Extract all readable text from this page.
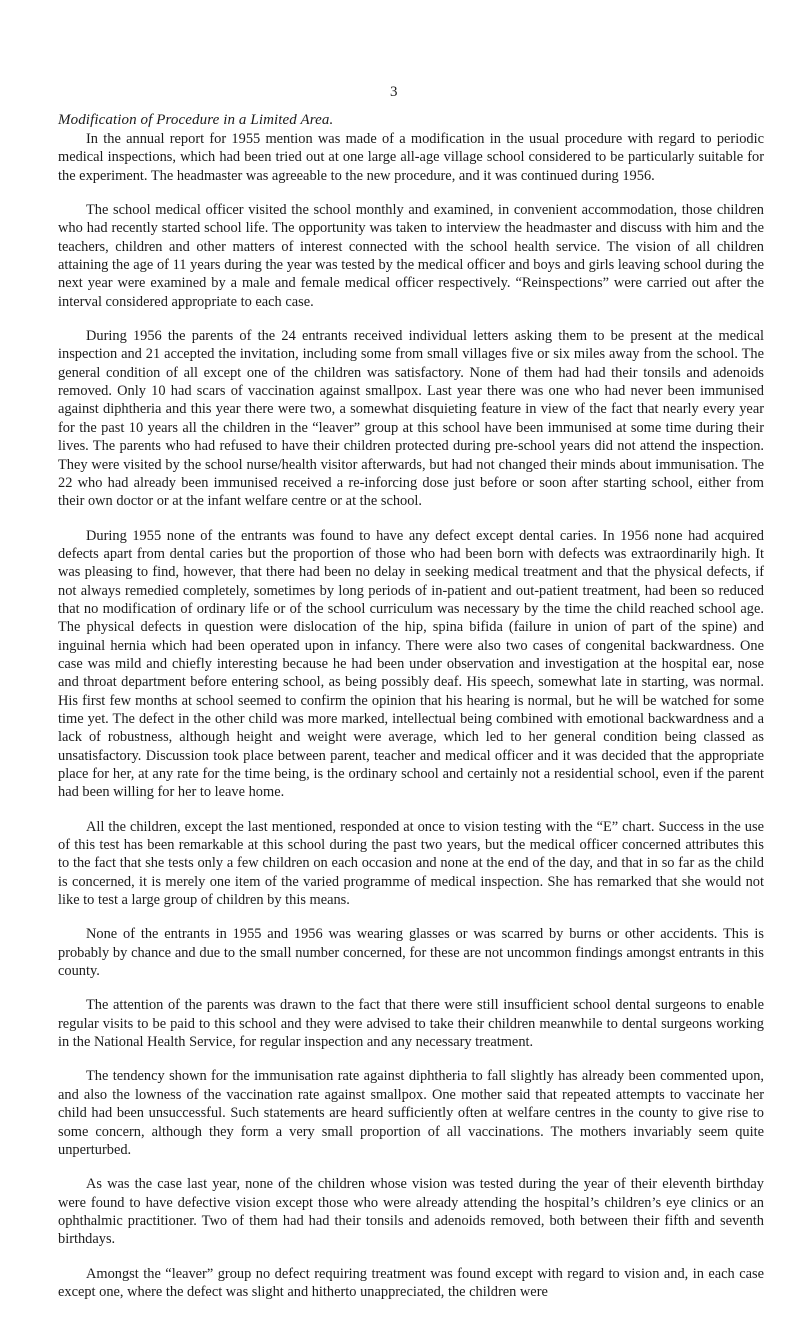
3

Modification of Procedure in a Limited Area.

In the annual report for 1955 mention was made of a modification in the usual procedure with regard to periodic medical inspections, which had been tried out at one large all-age village school considered to be particularly suitable for the experiment. The headmaster was agreeable to the new procedure, and it was continued during 1956.

The school medical officer visited the school monthly and examined, in convenient accommodation, those children who had recently started school life. The opportunity was taken to interview the headmaster and discuss with him and the teachers, children and other matters of interest connected with the school health service. The vision of all children attaining the age of 11 years during the year was tested by the medical officer and boys and girls leaving school during the next year were examined by a male and female medical officer respectively. “Reinspections” were carried out after the interval considered appropriate to each case.

During 1956 the parents of the 24 entrants received individual letters asking them to be present at the medical inspection and 21 accepted the invitation, including some from small villages five or six miles away from the school. The general condition of all except one of the children was satisfactory. None of them had had their tonsils and adenoids removed. Only 10 had scars of vaccination against smallpox. Last year there was one who had never been immunised against diphtheria and this year there were two, a somewhat disquieting feature in view of the fact that nearly every year for the past 10 years all the children in the “leaver” group at this school have been immunised at some time during their lives. The parents who had refused to have their children protected during pre-school years did not attend the inspection. They were visited by the school nurse/health visitor afterwards, but had not changed their minds about immunisation. The 22 who had already been immunised received a re-inforcing dose just before or soon after starting school, either from their own doctor or at the infant welfare centre or at the school.

During 1955 none of the entrants was found to have any defect except dental caries. In 1956 none had acquired defects apart from dental caries but the proportion of those who had been born with defects was extraordinarily high. It was pleasing to find, however, that there had been no delay in seeking medical treatment and that the physical defects, if not always remedied completely, sometimes by long periods of in-patient and out-patient treatment, had been so reduced that no modification of ordinary life or of the school curriculum was necessary by the time the child reached school age. The physical defects in question were dislocation of the hip, spina bifida (failure in union of part of the spine) and inguinal hernia which had been operated upon in infancy. There were also two cases of congenital backwardness. One case was mild and chiefly interesting because he had been under observation and investigation at the hospital ear, nose and throat department before entering school, as being possibly deaf. His speech, somewhat late in starting, was normal. His first few months at school seemed to confirm the opinion that his hearing is normal, but he will be watched for some time yet. The defect in the other child was more marked, intellectual being combined with emotional backwardness and a lack of robustness, although height and weight were average, which led to her general condition being classed as unsatisfactory. Discussion took place between parent, teacher and medical officer and it was decided that the appropriate place for her, at any rate for the time being, is the ordinary school and certainly not a residential school, even if the parent had been willing for her to leave home.

All the children, except the last mentioned, responded at once to vision testing with the “E” chart. Success in the use of this test has been remarkable at this school during the past two years, but the medical officer concerned attributes this to the fact that she tests only a few children on each occasion and none at the end of the day, and that in so far as the child is concerned, it is merely one item of the varied programme of medical inspection. She has remarked that she would not like to test a large group of children by this means.

None of the entrants in 1955 and 1956 was wearing glasses or was scarred by burns or other accidents. This is probably by chance and due to the small number concerned, for these are not uncommon findings amongst entrants in this county.

The attention of the parents was drawn to the fact that there were still insufficient school dental surgeons to enable regular visits to be paid to this school and they were advised to take their children meanwhile to dental surgeons working in the National Health Service, for regular inspection and any necessary treatment.

The tendency shown for the immunisation rate against diphtheria to fall slightly has already been commented upon, and also the lowness of the vaccination rate against smallpox. One mother said that repeated attempts to vaccinate her child had been unsuccessful. Such statements are heard sufficiently often at welfare centres in the county to give rise to some concern, although they form a very small proportion of all vaccinations. The mothers invariably seem quite unperturbed.

As was the case last year, none of the children whose vision was tested during the year of their eleventh birthday were found to have defective vision except those who were already attending the hospital’s children’s eye clinics or an ophthalmic practitioner. Two of them had had their tonsils and adenoids removed, both between their fifth and seventh birthdays.

Amongst the “leaver” group no defect requiring treatment was found except with regard to vision and, in each case except one, where the defect was slight and hitherto unappreciated, the children were
